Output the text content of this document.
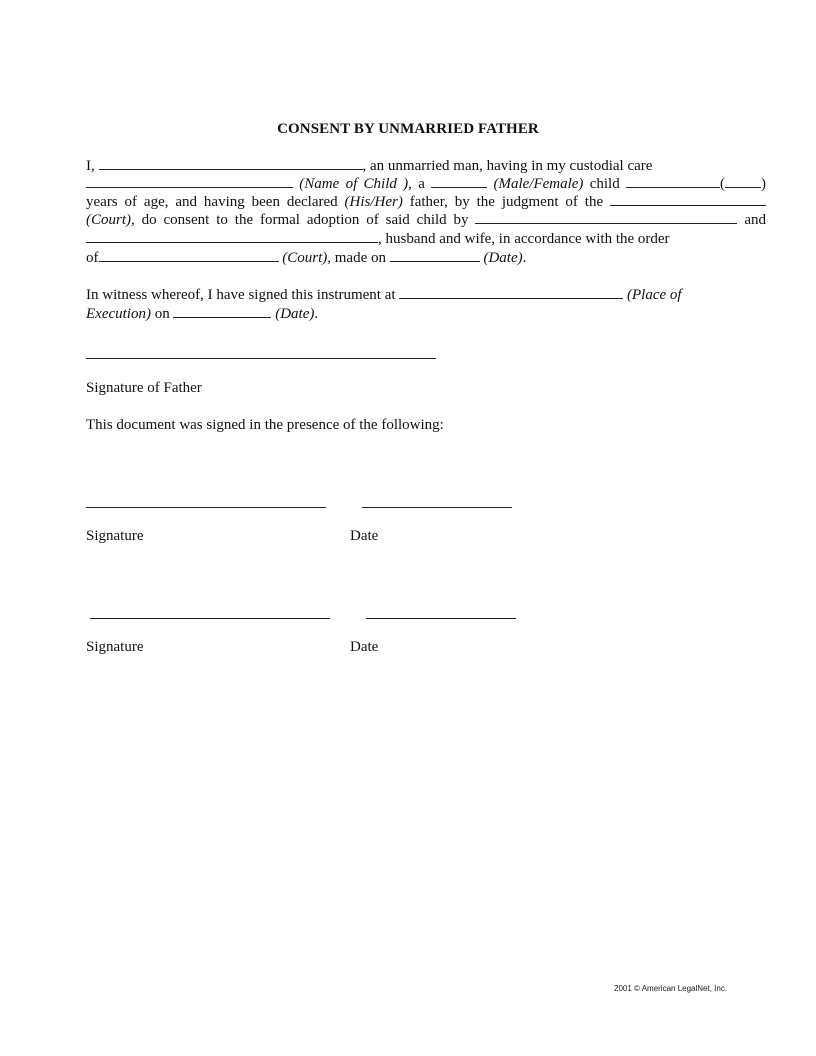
CONSENT BY UNMARRIED FATHER
I,	, an unmarried man, having in my custodial care
(Name of Child ), a	(Male/Female) child	( )
years of age, and having been declared (His/Her) father, by the judgment of the
(Court), do consent to the formal adoption of said child by	and
, husband and wife, in accordance with the order
of	(Court), made on	(Date).
In witness whereof, I have signed this instrument at	(Place of
Execution) on	(Date).
Signature of Father
This document was signed in the presence of the following:
Signature	Date
Signature	Date
2001 © American LegalNet, Inc.
